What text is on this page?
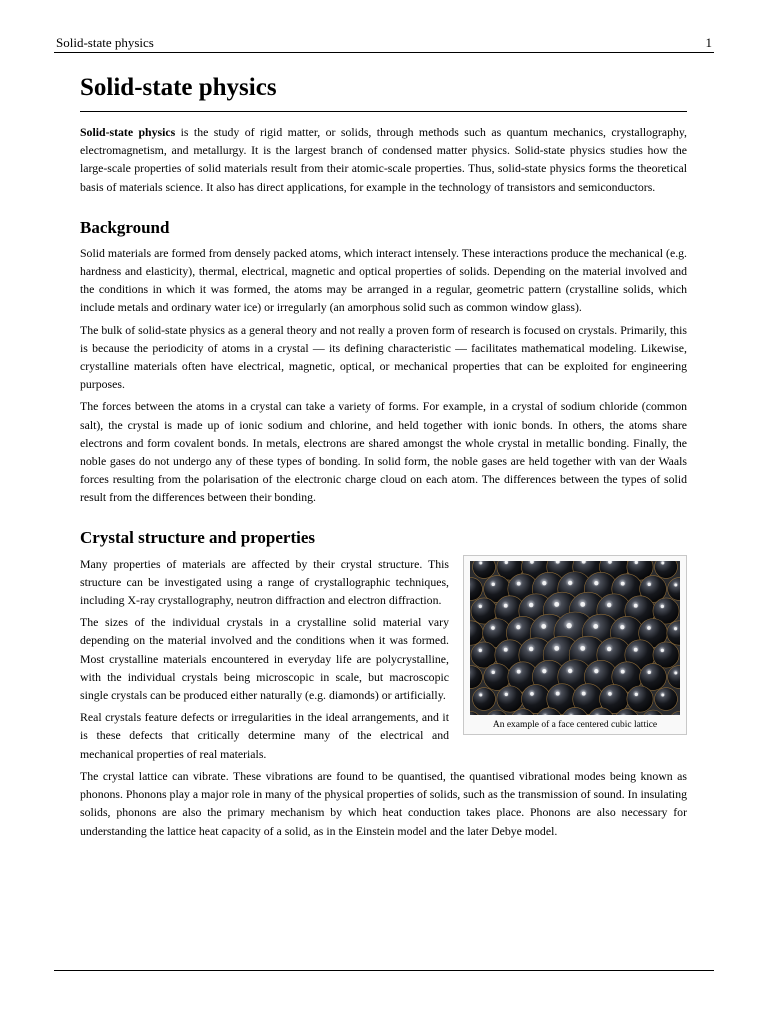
Solid-state physics	1
Solid-state physics

Solid-state physics is the study of rigid matter, or solids, through methods such as quantum mechanics, crystallography, electromagnetism, and metallurgy. It is the largest branch of condensed matter physics. Solid-state physics studies how the large-scale properties of solid materials result from their atomic-scale properties. Thus, solid-state physics forms the theoretical basis of materials science. It also has direct applications, for example in the technology of transistors and semiconductors.

Background

Solid materials are formed from densely packed atoms, which interact intensely. These interactions produce the mechanical (e.g. hardness and elasticity), thermal, electrical, magnetic and optical properties of solids. Depending on the material involved and the conditions in which it was formed, the atoms may be arranged in a regular, geometric pattern (crystalline solids, which include metals and ordinary water ice) or irregularly (an amorphous solid such as common window glass).

The bulk of solid-state physics as a general theory and not really a proven form of research is focused on crystals. Primarily, this is because the periodicity of atoms in a crystal — its defining characteristic — facilitates mathematical modeling. Likewise, crystalline materials often have electrical, magnetic, optical, or mechanical properties that can be exploited for engineering purposes.

The forces between the atoms in a crystal can take a variety of forms. For example, in a crystal of sodium chloride (common salt), the crystal is made up of ionic sodium and chlorine, and held together with ionic bonds. In others, the atoms share electrons and form covalent bonds. In metals, electrons are shared amongst the whole crystal in metallic bonding. Finally, the noble gases do not undergo any of these types of bonding. In solid form, the noble gases are held together with van der Waals forces resulting from the polarisation of the electronic charge cloud on each atom. The differences between the types of solid result from the differences between their bonding.

Crystal structure and properties
An example of a face centered cubic lattice

Many properties of materials are affected by their crystal structure. This structure can be investigated using a range of crystallographic techniques, including X-ray crystallography, neutron diffraction and electron diffraction.

The sizes of the individual crystals in a crystalline solid material vary depending on the material involved and the conditions when it was formed. Most crystalline materials encountered in everyday life are polycrystalline, with the individual crystals being microscopic in scale, but macroscopic single crystals can be produced either naturally (e.g. diamonds) or artificially.

Real crystals feature defects or irregularities in the ideal arrangements, and it is these defects that critically determine many of the electrical and mechanical properties of real materials.

The crystal lattice can vibrate. These vibrations are found to be quantised, the quantised vibrational modes being known as phonons. Phonons play a major role in many of the physical properties of solids, such as the transmission of sound. In insulating solids, phonons are also the primary mechanism by which heat conduction takes place. Phonons are also necessary for understanding the lattice heat capacity of a solid, as in the Einstein model and the later Debye model.
